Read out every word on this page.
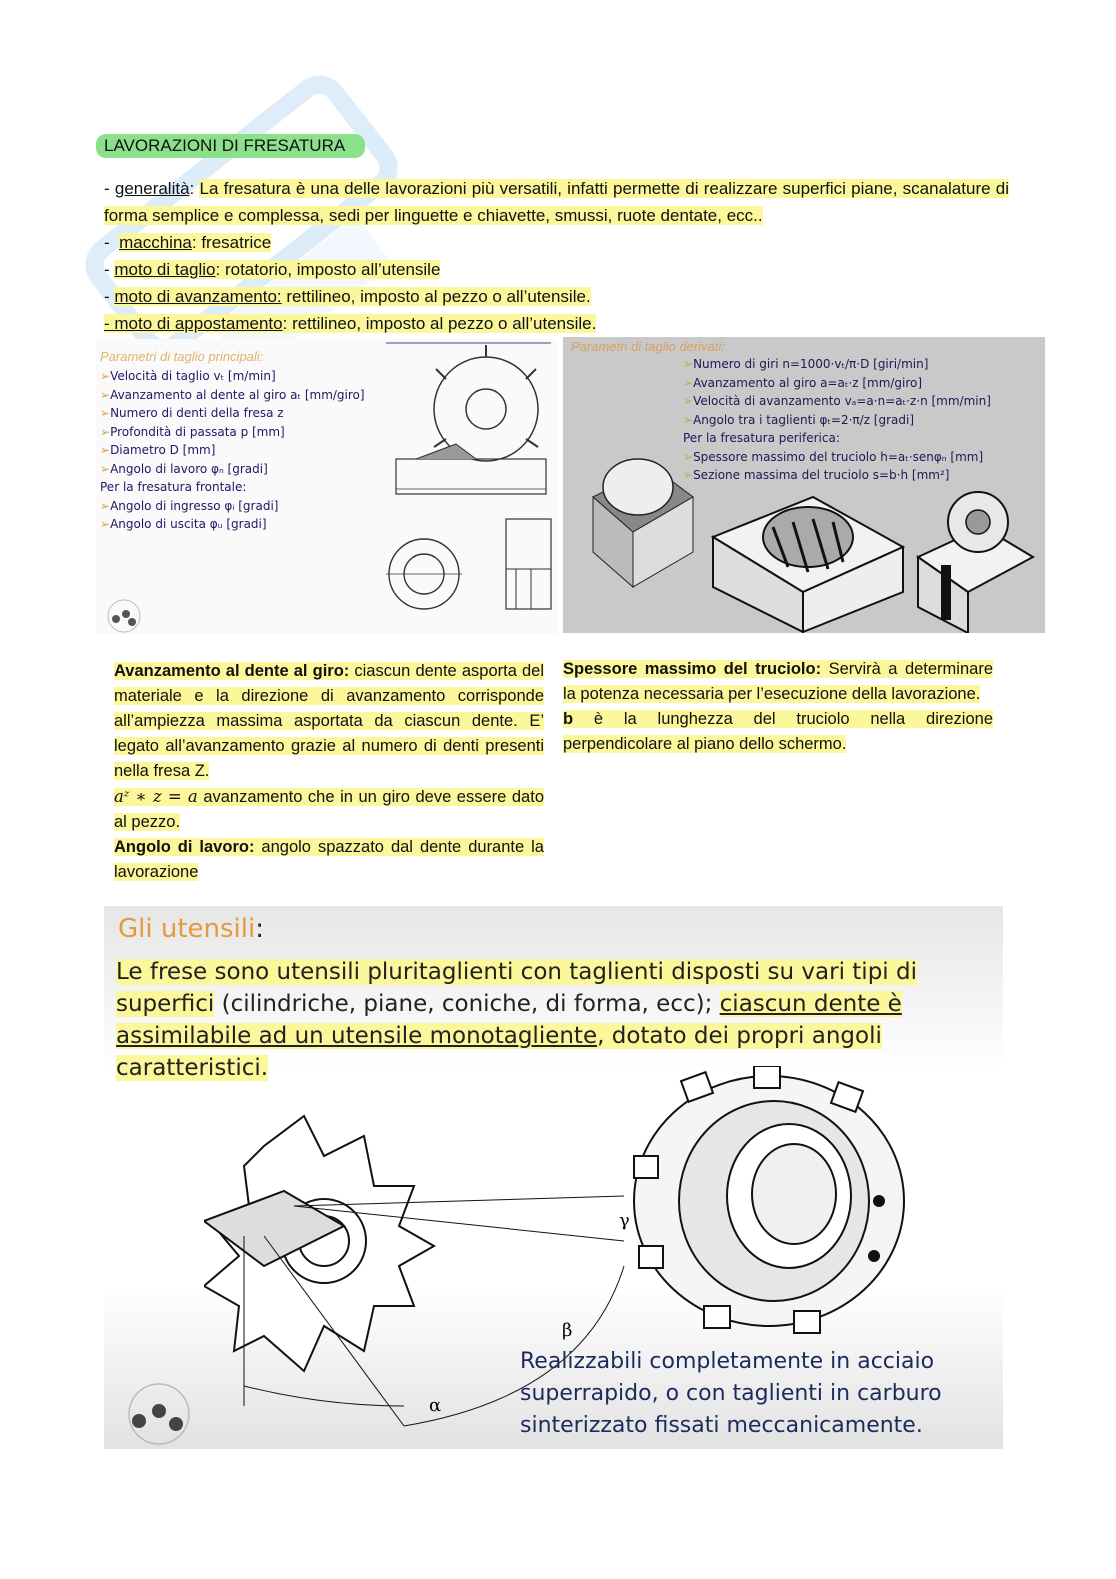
LAVORAZIONI DI FRESATURA

- generalità: La fresatura è una delle lavorazioni più versatili, infatti permette di realizzare superfici piane, scanalature di forma semplice e complessa, sedi per linguette e chiavette, smussi, ruote dentate, ecc..

-  macchina: fresatrice

- moto di taglio: rotatorio, imposto all’utensile

- moto di avanzamento: rettilineo, imposto al pezzo o all’utensile.

- moto di appostamento: rettilineo, imposto al pezzo o all’utensile.

Parametri di taglio principali:
➢Velocità di taglio vₜ [m/min]
➢Avanzamento al dente al giro aₜ [mm/giro]
➢Numero di denti della fresa z
➢Profondità di passata p [mm]
➢Diametro D [mm]
➢Angolo di lavoro φₙ [gradi]
Per la fresatura frontale:
➢Angolo di ingresso φᵢ [gradi]
➢Angolo di uscita φᵤ [gradi]
Parametri di taglio derivati:
➢Numero di giri n=1000·vₜ/π·D [giri/min]
➢Avanzamento al giro a=aₜ·z [mm/giro]
➢Velocità di avanzamento vₐ=a·n=aₜ·z·n [mm/min]
➢Angolo tra i taglienti φₜ=2·π/z [gradi]
Per la fresatura periferica:
➢Spessore massimo del truciolo h=aₜ·senφₙ [mm]
➢Sezione massima del truciolo s=b·h [mm²]

Avanzamento al dente al giro: ciascun dente asporta del materiale e la direzione di avanzamento corrisponde all’ampiezza massima asportata da ciascun dente. E’ legato all’avanzamento grazie al numero di denti presenti nella fresa Z.

aᶻ ∗ z = a avanzamento che in un giro deve essere dato al pezzo.

Angolo di lavoro: angolo spazzato dal dente durante la lavorazione

Spessore massimo del truciolo: Servirà a determinare la potenza necessaria per l’esecuzione della lavorazione.

b è la lunghezza del truciolo nella direzione perpendicolare al piano dello schermo.

Gli utensili:

Le frese sono utensili pluritaglienti con taglienti disposti su vari tipi di superfici (cilindriche, piane, coniche, di forma, ecc); ciascun dente è assimilabile ad un utensile monotagliente, dotato dei propri angoli caratteristici.

γ
β
α

Realizzabili completamente in acciaio superrapido, o con taglienti in carburo sinterizzato fissati meccanicamente.
